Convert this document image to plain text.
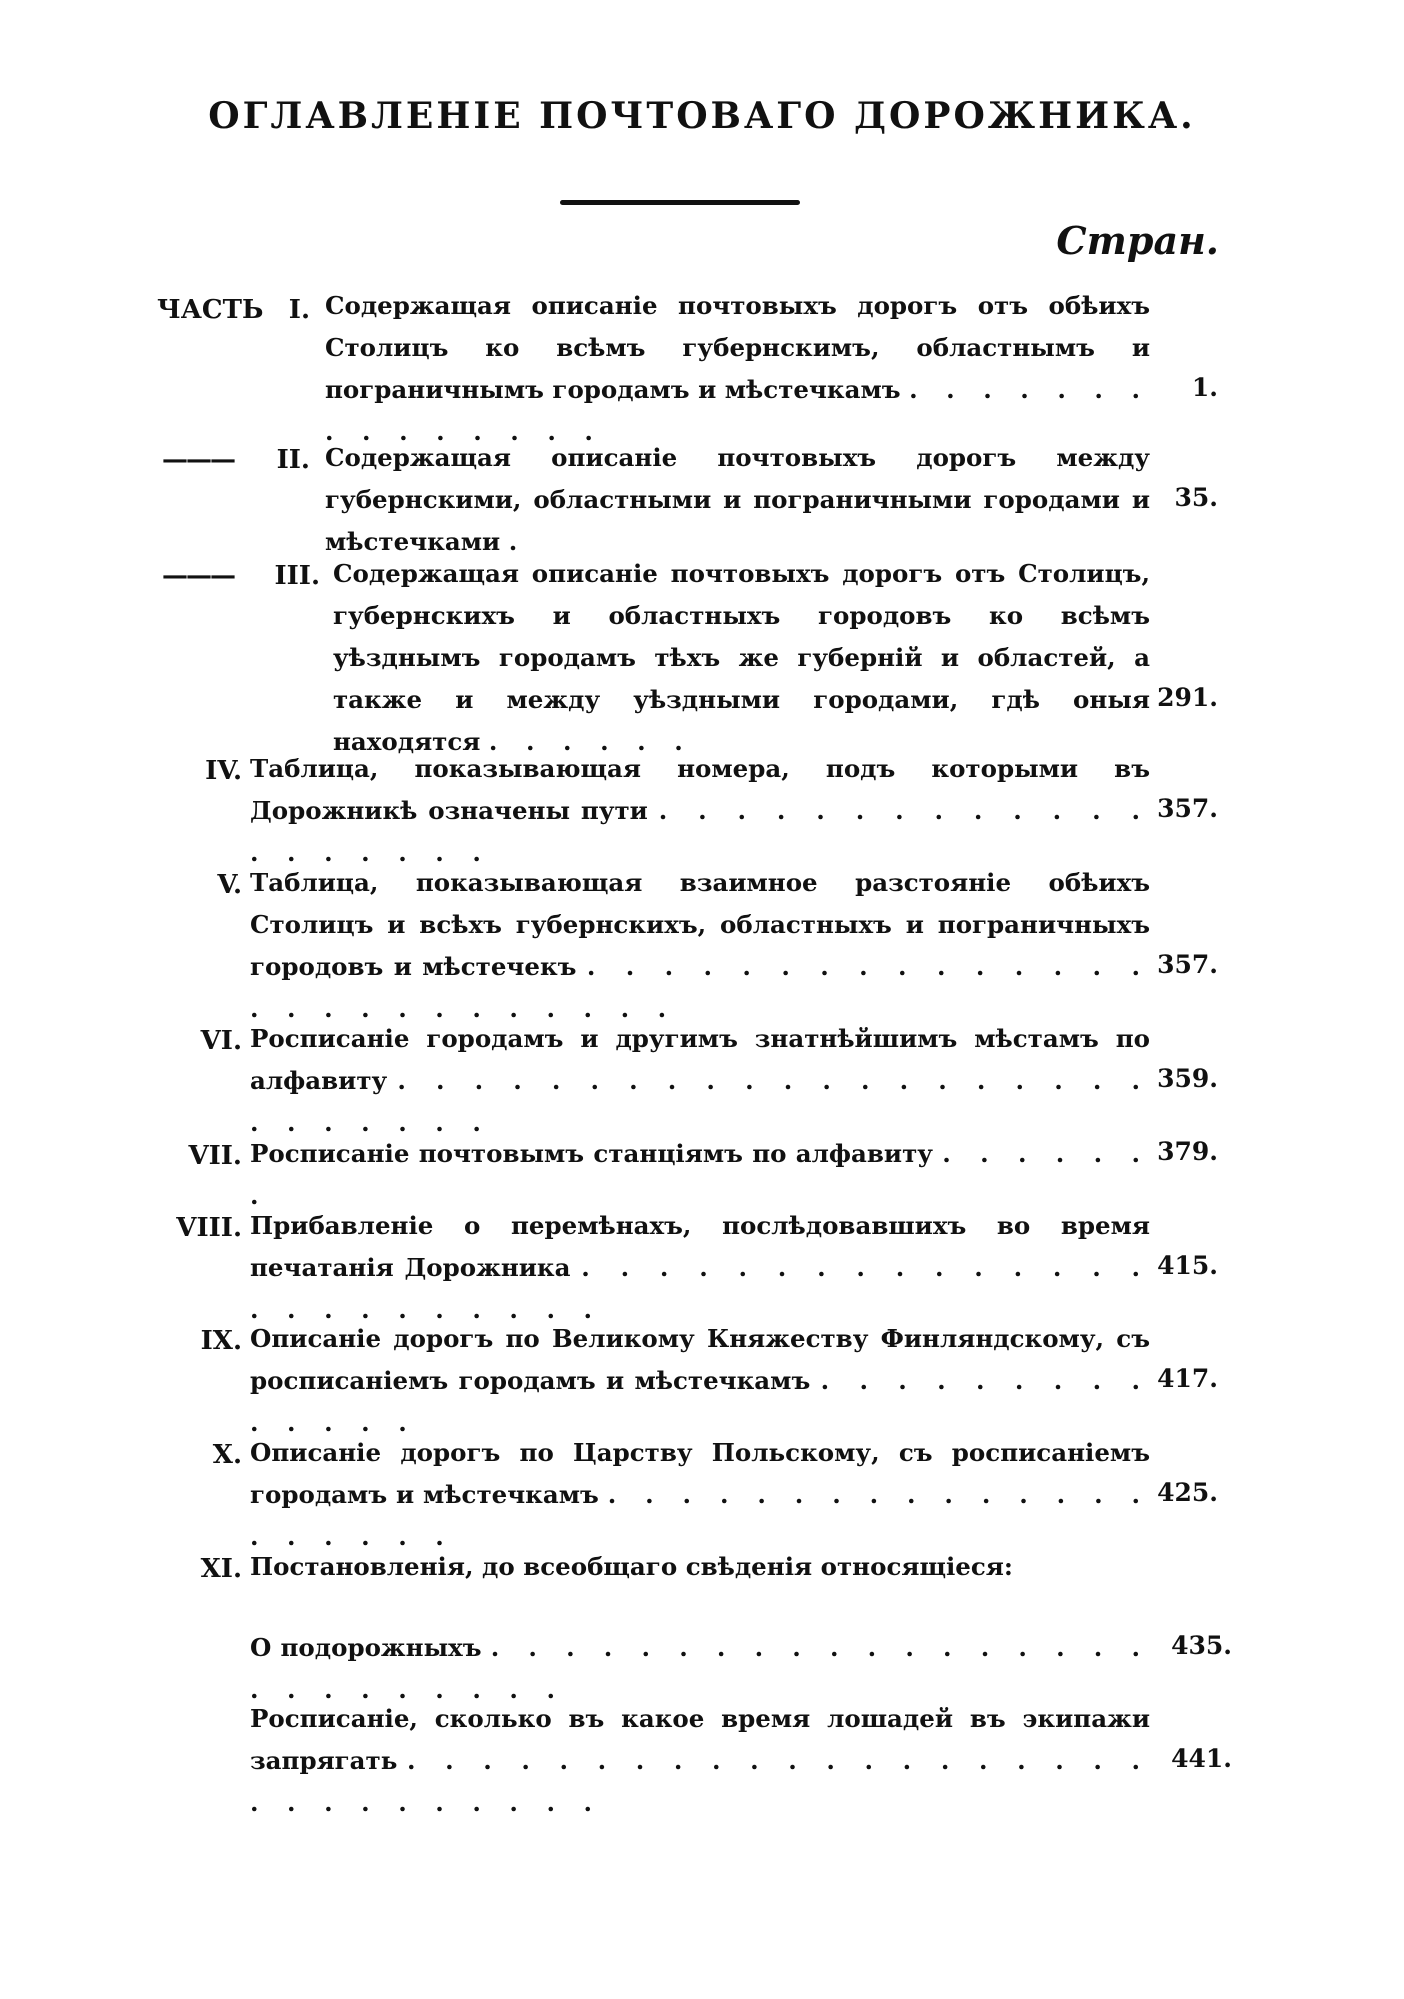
ОГЛАВЛЕНІЕ ПОЧТОВАГО ДОРОЖНИКА.
Стран.
ЧАСТЬ I. Содержащая описаніе почтовыхъ дорогъ отъ обѣихъ Столицъ ко всѣмъ губернскимъ, областнымъ и пограничнымъ городамъ и мѣстечкамъ . . . . . . . . . . . . . . .
1.
———	II. Содержащая описаніе почтовыхъ дорогъ между губернскими, областными и пограничными городами и мѣстечками .
35.
———	III. Содержащая описаніе почтовыхъ дорогъ отъ Столицъ, губернскихъ и областныхъ городовъ ко всѣмъ уѣзднымъ городамъ тѣхъ же губерній и областей, а также и между уѣздными городами, гдѣ оныя находятся . . . . . .
291.
IV. Таблица, показывающая номера, подъ которыми въ Дорожникѣ означены пути . . . . . . . . . . . . . . . . . . . .
357.
V. Таблица, показывающая взаимное разстояніе обѣихъ Столицъ и всѣхъ губернскихъ, областныхъ и пограничныхъ городовъ и мѣстечекъ . . . . . . . . . . . . . . . . . . . . . . . . . . .
357.
VI. Росписаніе городамъ и другимъ знатнѣйшимъ мѣстамъ по алфавиту . . . . . . . . . . . . . . . . . . . . . . . . . . .
359.
VII. Росписаніе почтовымъ станціямъ по алфавиту . . . . . . .
379.
VIII. Прибавленіе о перемѣнахъ, послѣдовавшихъ во время печатанія Дорожника . . . . . . . . . . . . . . . . . . . . . . . . .
415.
IX. Описаніе дорогъ по Великому Княжеству Финляндскому, съ росписаніемъ городамъ и мѣстечкамъ . . . . . . . . . . . . . .
417.
X. Описаніе дорогъ по Царству Польскому, съ росписаніемъ городамъ и мѣстечкамъ . . . . . . . . . . . . . . . . . . . . .
425.
XI. Постановленія, до всеобщаго свѣденія относящіеся:
О подорожныхъ . . . . . . . . . . . . . . . . . . . . . . . . . . .
435.
Росписаніе, сколько въ какое время лошадей въ экипажи запрягать . . . . . . . . . . . . . . . . . . . . . . . . . . . . . .
441.
